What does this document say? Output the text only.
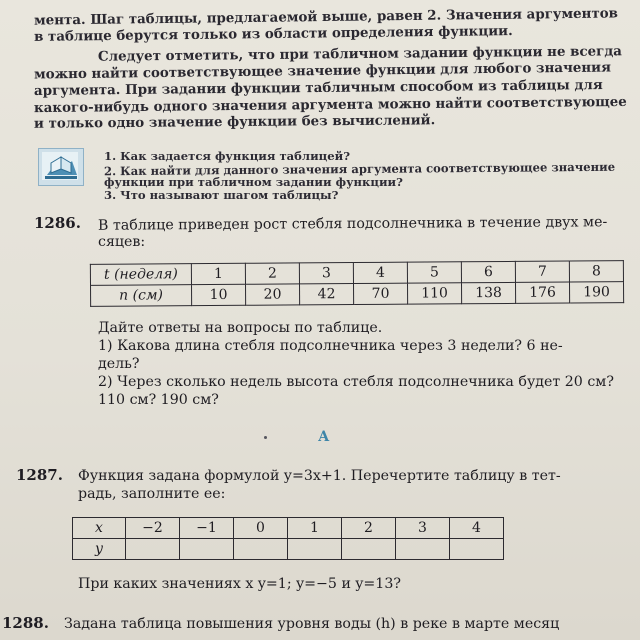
мента. Шаг таблицы, предлагаемой выше, равен 2. Значения аргументов
в таблице берутся только из области определения функции.
Следует отметить, что при табличном задании функции не всегда
можно найти соответствующее значение функции для любого значения
аргумента. При задании функции табличным способом из таблицы для
какого-нибудь одного значения аргумента можно найти соответствующее
и только одно значение функции без вычислений.
1. Как задается функция таблицей?
2. Как найти для данного значения аргумента соответствующее значение
функции при табличном задании функции?
3. Что называют шагом таблицы?
1286. В таблице приведен рост стебля подсолнечника в течение двух ме-
сяцев:
t (неделя)	1	2	3	4	5	6	7	8
n (см)	10	20	42	70	110	138	176	190
Дайте ответы на вопросы по таблице.
1) Какова длина стебля подсолнечника через 3 недели? 6 не-
дель?
2) Через сколько недель высота стебля подсолнечника будет 20 см?
110 см? 190 см?
А
1287. Функция задана формулой y=3x+1. Перечертите таблицу в тет-
радь, заполните ее:
x	−2	−1	0	1	2	3	4
y							
При каких значениях x y=1; y=−5 и y=13?
1288. Задана таблица повышения уровня воды (h) в реке в марте месяц
